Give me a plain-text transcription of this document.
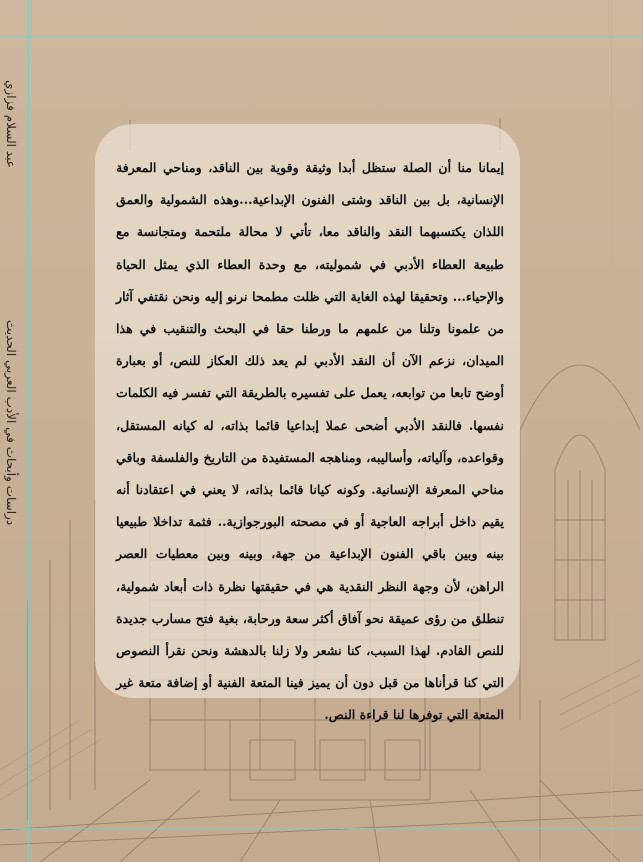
عبد السلام فزازي
دراسات وأبحاث في الأدب العربي الحديث
إيمانا منا أن الصلة ستظل أبدا وثيقة وقوية بين الناقد، ومناحي المعرفة الإنسانية، بل بين الناقد وشتى الفنون الإبداعية...وهذه الشمولية والعمق اللذان يكتسبهما النقد والناقد معا، تأتي لا محالة ملتحمة ومتجانسة مع طبيعة العطاء الأدبي في شموليته، مع وحدة العطاء الذي يمثل الحياة والإحياء... وتحقيقا لهذه الغاية التي ظلت مطمحا نرنو إليه ونحن نقتفي آثار من علمونا وتلنا من علمهم ما ورطنا حقا في البحث والتنقيب في هذا الميدان، نزعم الآن أن النقد الأدبي لم يعد ذلك العكاز للنص، أو بعبارة أوضح تابعا من توابعه، يعمل على تفسيره بالطريقة التي تفسر فيه الكلمات نفسها. فالنقد الأدبي أضحى عملا إبداعيا قائما بذاته، له كيانه المستقل، وقواعده، وآلياته، وأساليبه، ومناهجه المستفيدة من التاريخ والفلسفة وباقي مناحي المعرفة الإنسانية. وكونه كيانا قائما بذاته، لا يعني في اعتقادنا أنه يقيم داخل أبراجه العاجية أو في مصحته البورجوازية.. فثمة تداخلا طبيعيا بينه وبين باقي الفنون الإبداعية من جهة، وبينه وبين معطيات العصر الراهن، لأن وجهة النظر النقدية هي في حقيقتها نظرة ذات أبعاد شمولية، تنطلق من رؤى عميقة نحو آفاق أكثر سعة ورحابة، بغية فتح مسارب جديدة للنص القادم. لهذا السبب، كنا نشعر ولا زلنا بالدهشة ونحن نقرأ النصوص التي كنا قرأناها من قبل دون أن يميز فينا المتعة الفنية أو إضافة متعة غير المتعة التي توفرها لنا قراءة النص.
